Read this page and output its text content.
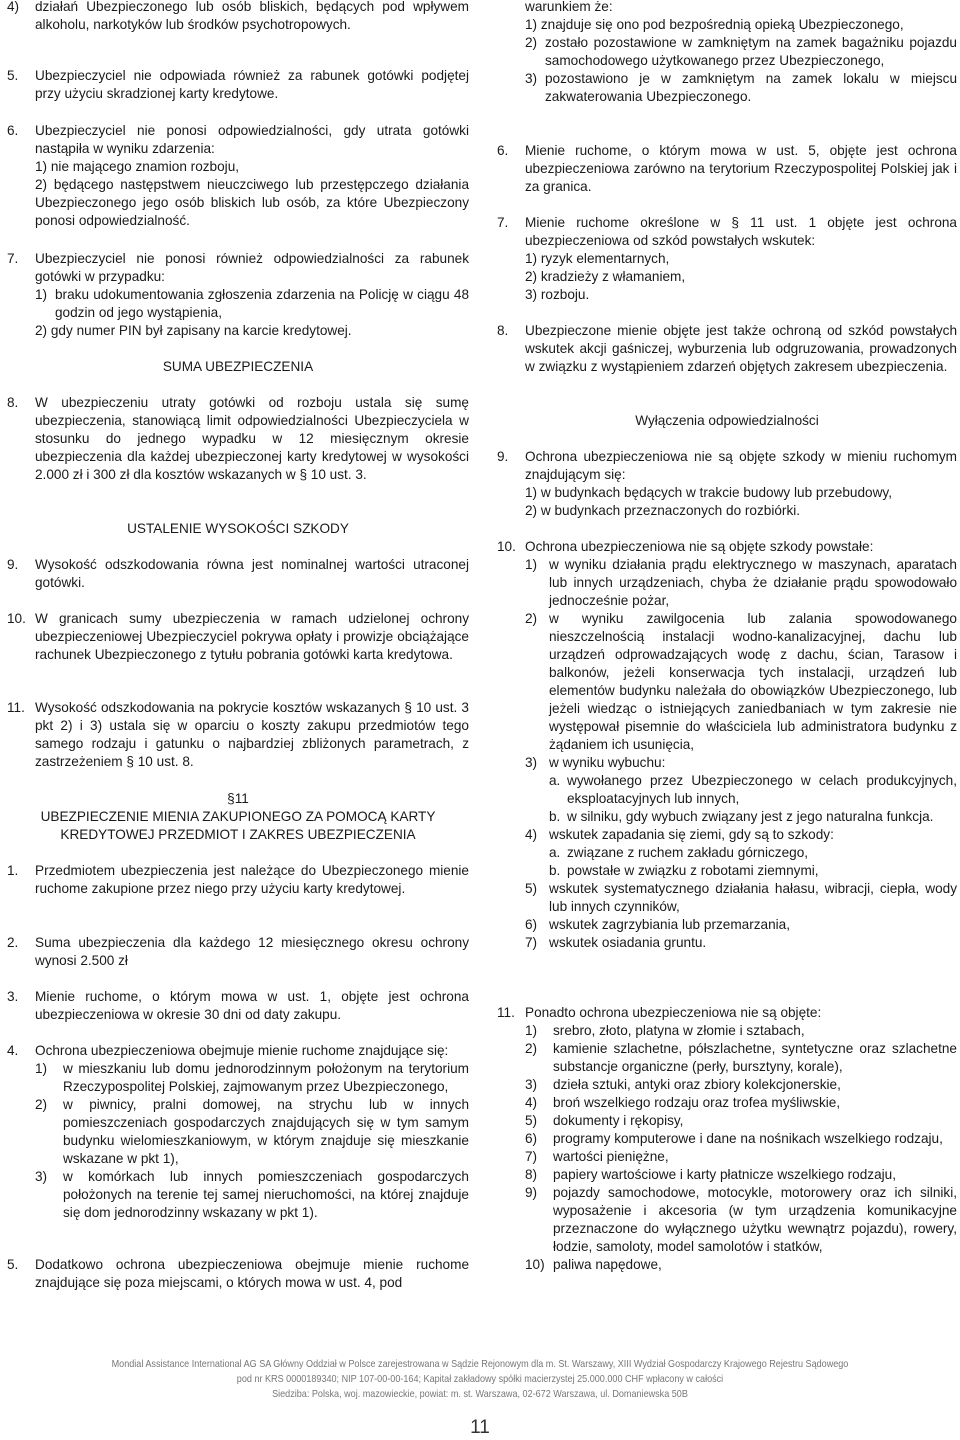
4) działań Ubezpieczonego lub osób bliskich, będących pod wpływem alkoholu, narkotyków lub środków psychotropowych.
5. Ubezpieczyciel nie odpowiada również za rabunek gotówki podjętej przy użyciu skradzionej karty kredytowe.
6. Ubezpieczyciel nie ponosi odpowiedzialności, gdy utrata gotówki nastąpiła w wyniku zdarzenia:
1) nie mającego znamion rozboju,
2) będącego następstwem nieuczciwego lub przestępczego działania Ubezpieczonego jego osób bliskich lub osób, za które Ubezpieczony ponosi odpowiedzialność.
7. Ubezpieczyciel nie ponosi również odpowiedzialności za rabunek gotówki w przypadku:
1) braku udokumentowania zgłoszenia zdarzenia na Policję w ciągu 48 godzin od jego wystąpienia,
2) gdy numer PIN był zapisany na karcie kredytowej.
SUMA UBEZPIECZENIA
8. W ubezpieczeniu utraty gotówki od rozboju ustala się sumę ubezpieczenia, stanowiącą limit odpowiedzialności Ubezpieczyciela w stosunku do jednego wypadku w 12 miesięcznym okresie ubezpieczenia dla każdej ubezpieczonej karty kredytowej w wysokości 2.000 zł i 300 zł dla kosztów wskazanych w § 10 ust. 3.
USTALENIE WYSOKOŚCI SZKODY
9. Wysokość odszkodowania równa jest nominalnej wartości utraconej gotówki.
10. W granicach sumy ubezpieczenia w ramach udzielonej ochrony ubezpieczeniowej Ubezpieczyciel pokrywa opłaty i prowizje obciążające rachunek Ubezpieczonego z tytułu pobrania gotówki karta kredytowa.
11. Wysokość odszkodowania na pokrycie kosztów wskazanych § 10 ust. 3 pkt 2) i 3) ustala się w oparciu o koszty zakupu przedmiotów tego samego rodzaju i gatunku o najbardziej zbliżonych parametrach, z zastrzeżeniem § 10 ust. 8.
§11
UBEZPIECZENIE MIENIA ZAKUPIONEGO ZA POMOCĄ KARTY
KREDYTOWEJ PRZEDMIOT I ZAKRES UBEZPIECZENIA
1. Przedmiotem ubezpieczenia jest należące do Ubezpieczonego mienie ruchome zakupione przez niego przy użyciu karty kredytowej.
2. Suma ubezpieczenia dla każdego 12 miesięcznego okresu ochrony wynosi 2.500 zł
3. Mienie ruchome, o którym mowa w ust. 1, objęte jest ochrona ubezpieczeniowa w okresie 30 dni od daty zakupu.
4. Ochrona ubezpieczeniowa obejmuje mienie ruchome znajdujące się:
1) w mieszkaniu lub domu jednorodzinnym położonym na terytorium Rzeczypospolitej Polskiej, zajmowanym przez Ubezpieczonego,
2) w piwnicy, pralni domowej, na strychu lub w innych pomieszczeniach gospodarczych znajdujących się w tym samym budynku wielomieszkaniowym, w którym znajduje się mieszkanie wskazane w pkt 1),
3) w komórkach lub innych pomieszczeniach gospodarczych położonych na terenie tej samej nieruchomości, na której znajduje się dom jednorodzinny wskazany w pkt 1).
5. Dodatkowo ochrona ubezpieczeniowa obejmuje mienie ruchome znajdujące się poza miejscami, o których mowa w ust. 4, pod
warunkiem że:
1) znajduje się ono pod bezpośrednią opieką Ubezpieczonego,
2) zostało pozostawione w zamkniętym na zamek bagażniku pojazdu samochodowego użytkowanego przez Ubezpieczonego,
3) pozostawiono je w zamkniętym na zamek lokalu w miejscu zakwaterowania Ubezpieczonego.
6. Mienie ruchome, o którym mowa w ust. 5, objęte jest ochrona ubezpieczeniowa zarówno na terytorium Rzeczypospolitej Polskiej jak i za granica.
7. Mienie ruchome określone w § 11 ust. 1 objęte jest ochrona ubezpieczeniowa od szkód powstałych wskutek:
1) ryzyk elementarnych,
2) kradzieży z włamaniem,
3) rozboju.
8. Ubezpieczone mienie objęte jest także ochroną od szkód powstałych wskutek akcji gaśniczej, wyburzenia lub odgruzowania, prowadzonych w związku z wystąpieniem zdarzeń objętych zakresem ubezpieczenia.
Wyłączenia odpowiedzialności
9. Ochrona ubezpieczeniowa nie są objęte szkody w mieniu ruchomym znajdującym się:
1) w budynkach będących w trakcie budowy lub przebudowy,
2) w budynkach przeznaczonych do rozbiórki.
10. Ochrona ubezpieczeniowa nie są objęte szkody powstałe:
1) w wyniku działania prądu elektrycznego w maszynach, aparatach lub innych urządzeniach, chyba że działanie prądu spowodowało jednocześnie pożar,
2) w wyniku zawilgocenia lub zalania spowodowanego nieszczelnością instalacji wodno-kanalizacyjnej, dachu lub urządzeń odprowadzających wodę z dachu, ścian, Tarasow i balkonów, jeżeli konserwacja tych instalacji, urządzeń lub elementów budynku należała do obowiązków Ubezpieczonego, lub jeżeli wiedząc o istniejących zaniedbaniach w tym zakresie nie występował pisemnie do właściciela lub administratora budynku z żądaniem ich usunięcia,
3) w wyniku wybuchu:
a. wywołanego przez Ubezpieczonego w celach produkcyjnych, eksploatacyjnych lub innych,
b. w silniku, gdy wybuch związany jest z jego naturalna funkcja.
4) wskutek zapadania się ziemi, gdy są to szkody:
a. związane z ruchem zakładu górniczego,
b. powstałe w związku z robotami ziemnymi,
5) wskutek systematycznego działania hałasu, wibracji, ciepła, wody lub innych czynników,
6) wskutek zagrzybiania lub przemarzania,
7) wskutek osiadania gruntu.
11. Ponadto ochrona ubezpieczeniowa nie są objęte:
1) srebro, złoto, platyna w złomie i sztabach,
2) kamienie szlachetne, półszlachetne, syntetyczne oraz szlachetne substancje organiczne (perły, bursztyny, korale),
3) dzieła sztuki, antyki oraz zbiory kolekcjonerskie,
4) broń wszelkiego rodzaju oraz trofea myśliwskie,
5) dokumenty i rękopisy,
6) programy komputerowe i dane na nośnikach wszelkiego rodzaju,
7) wartości pieniężne,
8) papiery wartościowe i karty płatnicze wszelkiego rodzaju,
9) pojazdy samochodowe, motocykle, motorowery oraz ich silniki, wyposażenie i akcesoria (w tym urządzenia komunikacyjne przeznaczone do wyłącznego użytku wewnątrz pojazdu), rowery, łodzie, samoloty, model samolotów i statków,
10) paliwa napędowe,
Mondial Assistance International AG SA Główny Oddział w Polsce zarejestrowana w Sądzie Rejonowym dla m. St. Warszawy, XIII Wydział Gospodarczy Krajowego Rejestru Sądowego
pod nr KRS 0000189340; NIP 107-00-00-164; Kapitał zakładowy spółki macierzystej 25.000.000 CHF wpłacony w całości
Siedziba: Polska, woj. mazowieckie, powiat: m. st. Warszawa, 02-672 Warszawa, ul. Domaniewska 50B
11
